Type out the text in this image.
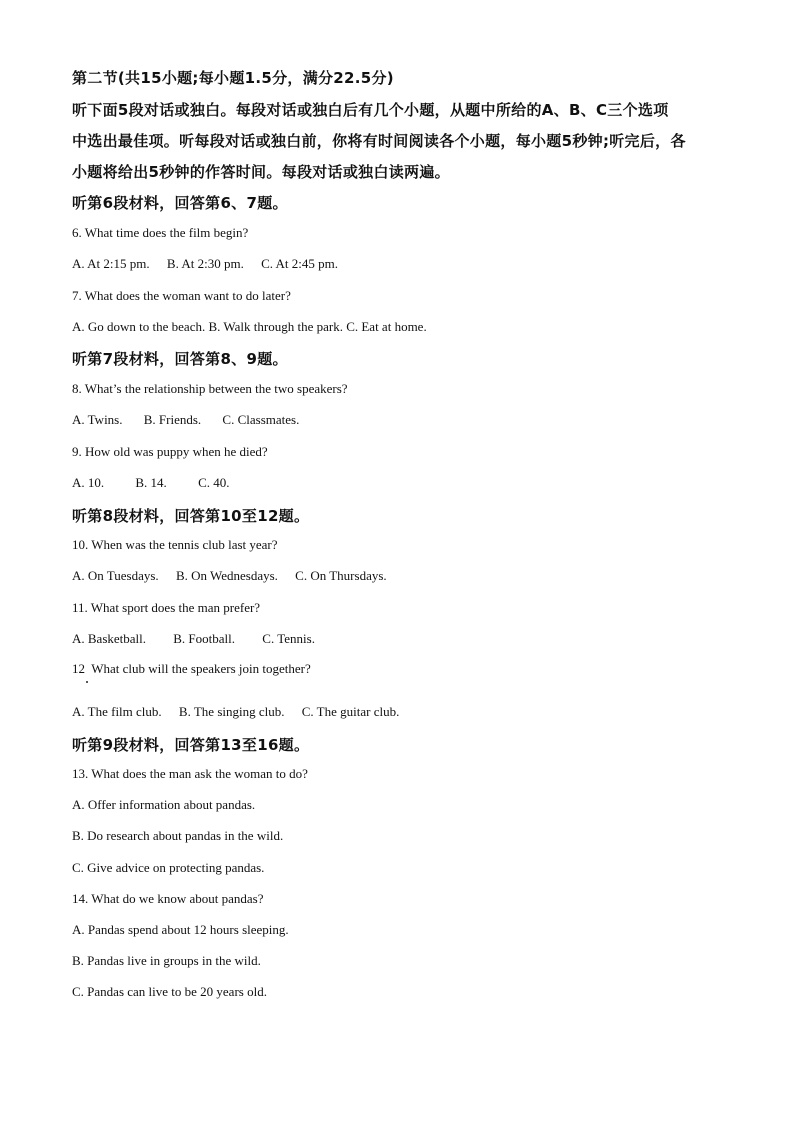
第二节(共15小题;每小题1.5分，满分22.5分)
听下面5段对话或独白。每段对话或独白后有几个小题，从题中所给的A、B、C三个选项
中选出最佳项。听每段对话或独白前，你将有时间阅读各个小题，每小题5秒钟;听完后，各
小题将给出5秒钟的作答时间。每段对话或独白读两遍。
听第6段材料，回答第6、7题。
6. What time does the film begin?
A. At 2:15 pm. B. At 2:30 pm. C. At 2:45 pm.
7. What does the woman want to do later?
A. Go down to the beach. B. Walk through the park. C. Eat at home.
听第7段材料，回答第8、9题。
8. What’s the relationship between the two speakers?
A. Twins. B. Friends. C. Classmates.
9. How old was puppy when he died?
A. 10. B. 14. C. 40.
听第8段材料，回答第10至12题。
10. When was the tennis club last year?
A. On Tuesdays. B. On Wednesdays. C. On Thursdays.
11. What sport does the man prefer?
A. Basketball. B. Football. C. Tennis.
12  What club will the speakers join together?
A. The film club. B. The singing club. C. The guitar club.
听第9段材料，回答第13至16题。
13. What does the man ask the woman to do?
A. Offer information about pandas.
B. Do research about pandas in the wild.
C. Give advice on protecting pandas.
14. What do we know about pandas?
A. Pandas spend about 12 hours sleeping.
B. Pandas live in groups in the wild.
C. Pandas can live to be 20 years old.
